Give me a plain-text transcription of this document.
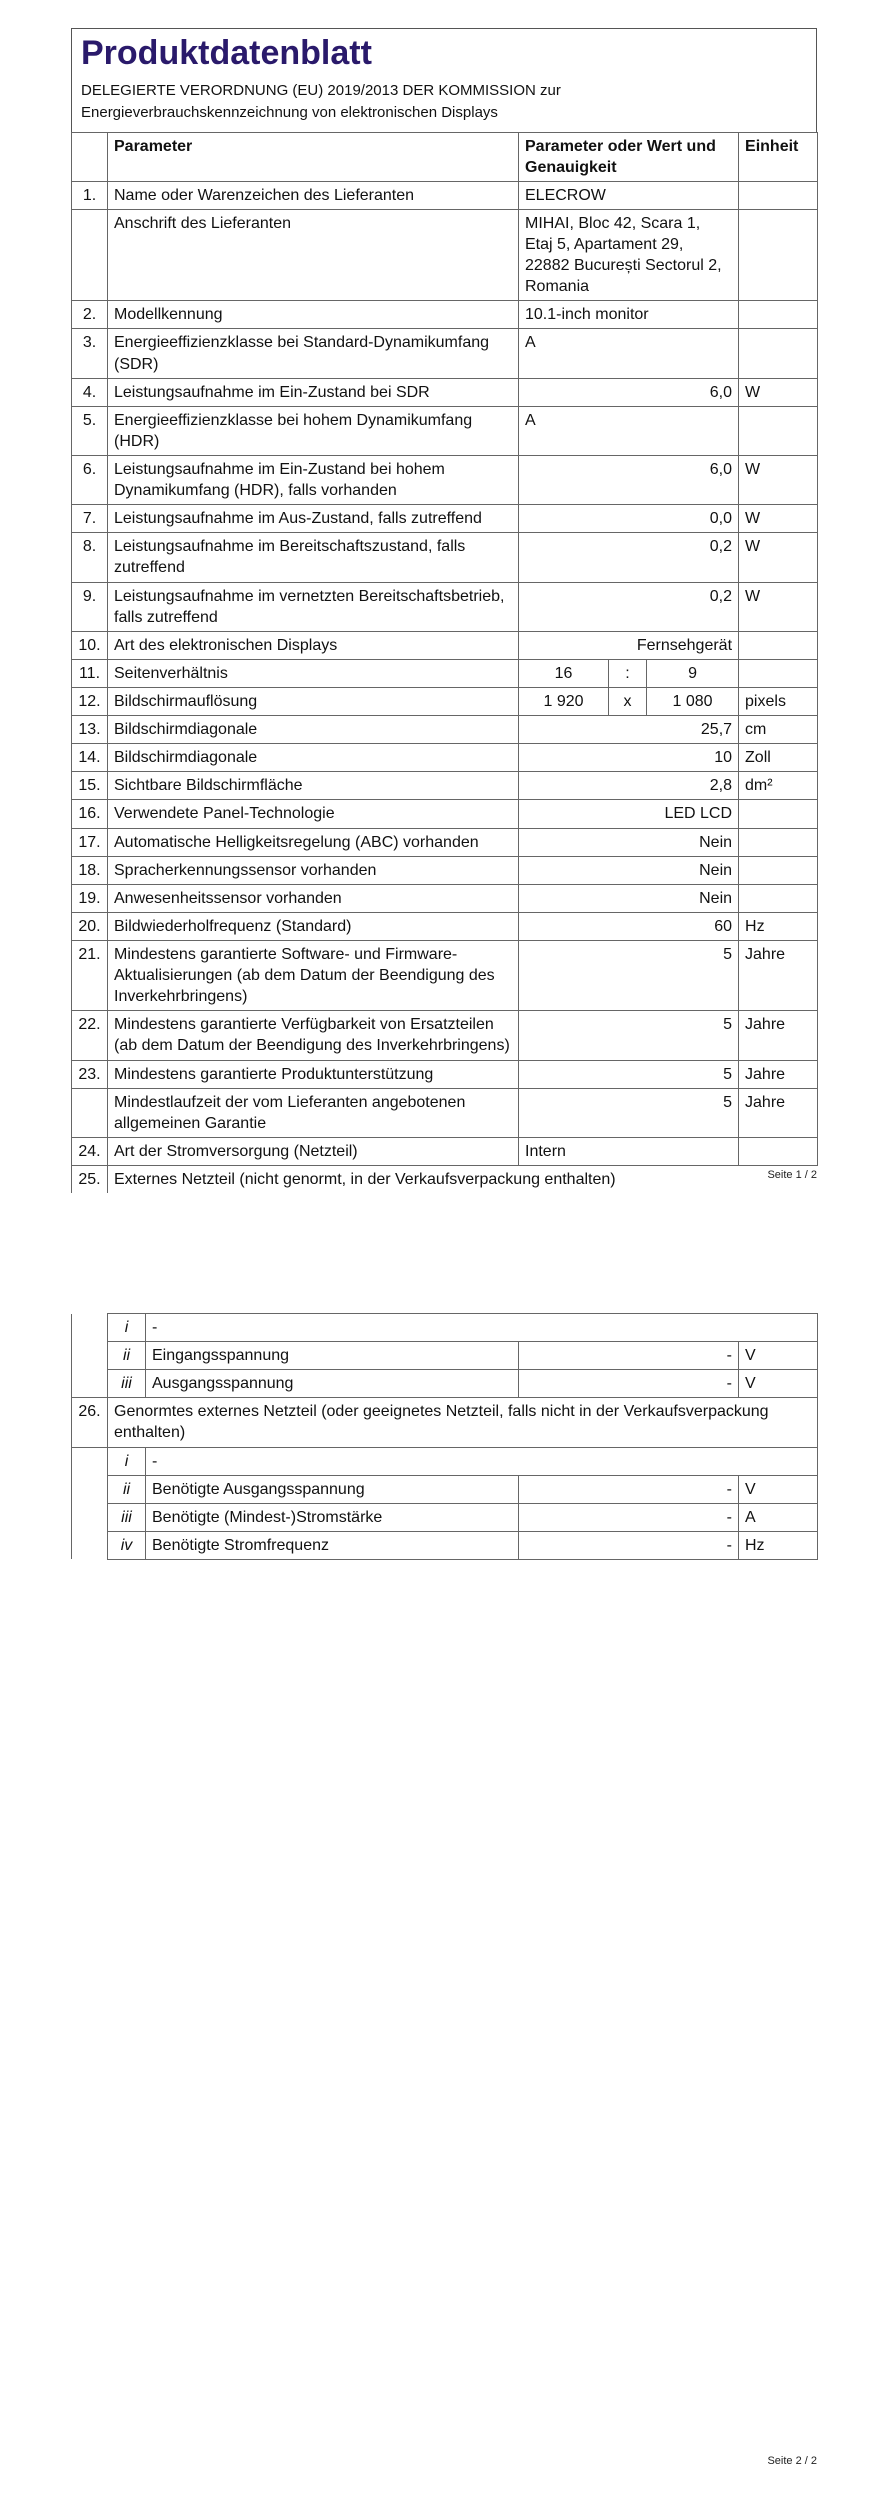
Produktdatenblatt
DELEGIERTE VERORDNUNG (EU) 2019/2013 DER KOMMISSION zur
Energieverbrauchskennzeichnung von elektronischen Displays
	Parameter	Parameter oder Wert und Genauigkeit			Einheit
1.	Name oder Warenzeichen des Lieferanten	ELECROW			
	Anschrift des Lieferanten	MIHAI, Bloc 42, Scara 1, Etaj 5, Apartament 29, 22882 București Sectorul 2, Romania			
2.	Modellkennung	10.1-inch monitor			
3.	Energieeffizienzklasse bei Standard-Dynamikumfang (SDR)	A			
4.	Leistungsaufnahme im Ein-Zustand bei SDR	6,0			W
5.	Energieeffizienzklasse bei hohem Dynamikumfang (HDR)	A			
6.	Leistungsaufnahme im Ein-Zustand bei hohem Dynamikumfang (HDR), falls vorhanden	6,0			W
7.	Leistungsaufnahme im Aus-Zustand, falls zutreffend	0,0			W
8.	Leistungsaufnahme im Bereitschaftszustand, falls zutreffend	0,2			W
9.	Leistungsaufnahme im vernetzten Bereitschaftsbetrieb, falls zutreffend	0,2			W
10.	Art des elektronischen Displays	Fernsehgerät			
11.	Seitenverhältnis	16	:	9	
12.	Bildschirmauflösung	1 920	x	1 080	pixels
13.	Bildschirmdiagonale	25,7			cm
14.	Bildschirmdiagonale	10			Zoll
15.	Sichtbare Bildschirmfläche	2,8			dm²
16.	Verwendete Panel-Technologie	LED LCD			
17.	Automatische Helligkeitsregelung (ABC) vorhanden	Nein			
18.	Spracherkennungssensor vorhanden	Nein			
19.	Anwesenheitssensor vorhanden	Nein			
20.	Bildwiederholfrequenz (Standard)	60			Hz
21.	Mindestens garantierte Software- und Firmware-Aktualisierungen (ab dem Datum der Beendigung des Inverkehrbringens)	5			Jahre
22.	Mindestens garantierte Verfügbarkeit von Ersatzteilen (ab dem Datum der Beendigung des Inverkehrbringens)	5			Jahre
23.	Mindestens garantierte Produktunterstützung	5			Jahre
	Mindestlaufzeit der vom Lieferanten angebotenen allgemeinen Garantie	5			Jahre
24.	Art der Stromversorgung (Netzteil)	Intern			
25.	Externes Netzteil (nicht genormt, in der Verkaufsverpackung enthalten)					Seite 1 / 2
	i	-		
	ii	Eingangsspannung	-	V
	iii	Ausgangsspannung	-	V
26.	Genormtes externes Netzteil (oder geeignetes Netzteil, falls nicht in der Verkaufsverpackung enthalten)			
	i	-		
	ii	Benötigte Ausgangsspannung	-	V
	iii	Benötigte (Mindest-)Stromstärke	-	A
	iv	Benötigte Stromfrequenz	-	Hz
Seite 2 / 2
